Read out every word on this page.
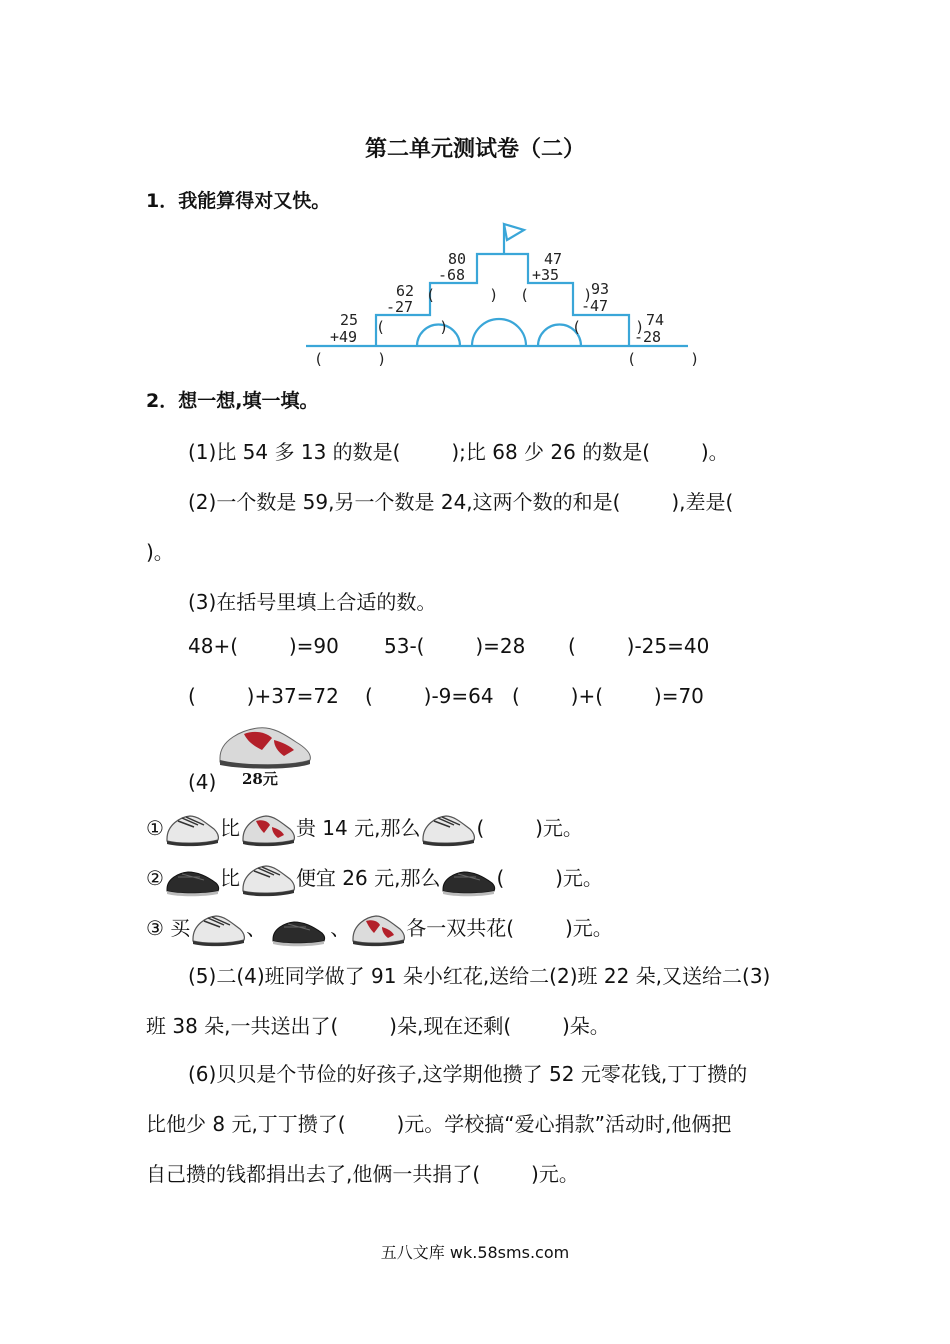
第二单元测试卷（二）
1．我能算得对又快。
25
+49
(      )
62
-27
(      )
80
-68
(      )
47
+35
(      )
93
-47
(      ) 74
-28
(      )
2．想一想,填一填。
(1)比 54 多 13 的数是(        );比 68 少 26 的数是(        )。
(2)一个数是 59,另一个数是 24,这两个数的和是(        ),差是(
)。
(3)在括号里填上合适的数。
48+(        )=90 53-(        )=28 (        )-25=40
(        )+37=72 (        )-9=64 (        )+(        )=70
(4) 28元
①	比	贵 14 元,那么	(        )元。
②	比	便宜 26 元,那么	(        )元。
③ 买	、	、	各一双共花(        )元。
(5)二(4)班同学做了 91 朵小红花,送给二(2)班 22 朵,又送给二(3)
班 38 朵,一共送出了(        )朵,现在还剩(        )朵。
(6)贝贝是个节俭的好孩子,这学期他攒了 52 元零花钱,丁丁攒的
比他少 8 元,丁丁攒了(        )元。学校搞“爱心捐款”活动时,他俩把
自己攒的钱都捐出去了,他俩一共捐了(        )元。
五八文库 wk.58sms.com
